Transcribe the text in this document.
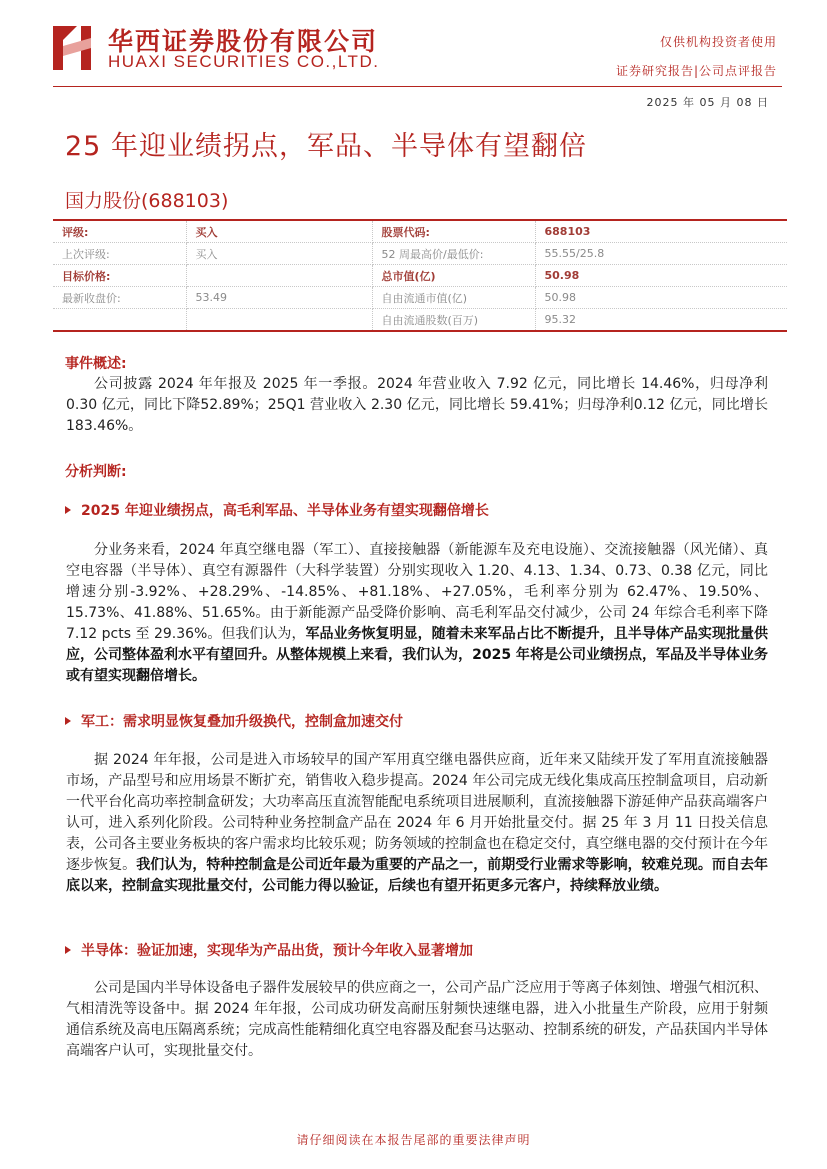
华西证券股份有限公司
HUAXI SECURITIES CO.,LTD.
仅供机构投资者使用
证券研究报告|公司点评报告
2025 年 05 月 08 日
25 年迎业绩拐点，军品、半导体有望翻倍
国力股份(688103)
评级:	买入	股票代码:	688103
上次评级:	买入	52 周最高价/最低价:	55.55/25.8
目标价格:		总市值(亿)	50.98
最新收盘价:	53.49	自由流通市值(亿)	50.98
		自由流通股数(百万)	95.32
事件概述:
公司披露 2024 年年报及 2025 年一季报。2024 年营业收入 7.92 亿元，同比增长 14.46%，归母净利 0.30 亿元，同比下降52.89%；25Q1 营业收入 2.30 亿元，同比增长 59.41%；归母净利0.12 亿元，同比增长 183.46%。
分析判断:
2025 年迎业绩拐点，高毛利军品、半导体业务有望实现翻倍增长
分业务来看，2024 年真空继电器（军工）、直接接触器（新能源车及充电设施）、交流接触器（风光储）、真空电容器（半导体）、真空有源器件（大科学装置）分别实现收入 1.20、4.13、1.34、0.73、0.38 亿元，同比增速分别-3.92%、+28.29%、-14.85%、+81.18%、+27.05%，毛利率分别为 62.47%、19.50%、15.73%、41.88%、51.65%。由于新能源产品受降价影响、高毛利军品交付减少，公司 24 年综合毛利率下降 7.12 pcts 至 29.36%。但我们认为，军品业务恢复明显，随着未来军品占比不断提升，且半导体产品实现批量供应，公司整体盈利水平有望回升。从整体规模上来看，我们认为，2025 年将是公司业绩拐点，军品及半导体业务或有望实现翻倍增长。
军工：需求明显恢复叠加升级换代，控制盒加速交付
据 2024 年年报，公司是进入市场较早的国产军用真空继电器供应商，近年来又陆续开发了军用直流接触器市场，产品型号和应用场景不断扩充，销售收入稳步提高。2024 年公司完成无线化集成高压控制盒项目，启动新一代平台化高功率控制盒研发；大功率高压直流智能配电系统项目进展顺利，直流接触器下游延伸产品获高端客户认可，进入系列化阶段。公司特种业务控制盒产品在 2024 年 6 月开始批量交付。据 25 年 3 月 11 日投关信息表，公司各主要业务板块的客户需求均比较乐观；防务领域的控制盒也在稳定交付，真空继电器的交付预计在今年逐步恢复。我们认为，特种控制盒是公司近年最为重要的产品之一，前期受行业需求等影响，较难兑现。而自去年底以来，控制盒实现批量交付，公司能力得以验证，后续也有望开拓更多元客户，持续释放业绩。
半导体：验证加速，实现华为产品出货，预计今年收入显著增加
公司是国内半导体设备电子器件发展较早的供应商之一，公司产品广泛应用于等离子体刻蚀、增强气相沉积、气相清洗等设备中。据 2024 年年报，公司成功研发高耐压射频快速继电器，进入小批量生产阶段，应用于射频通信系统及高电压隔离系统；完成高性能精细化真空电容器及配套马达驱动、控制系统的研发，产品获国内半导体高端客户认可，实现批量交付。
请仔细阅读在本报告尾部的重要法律声明
